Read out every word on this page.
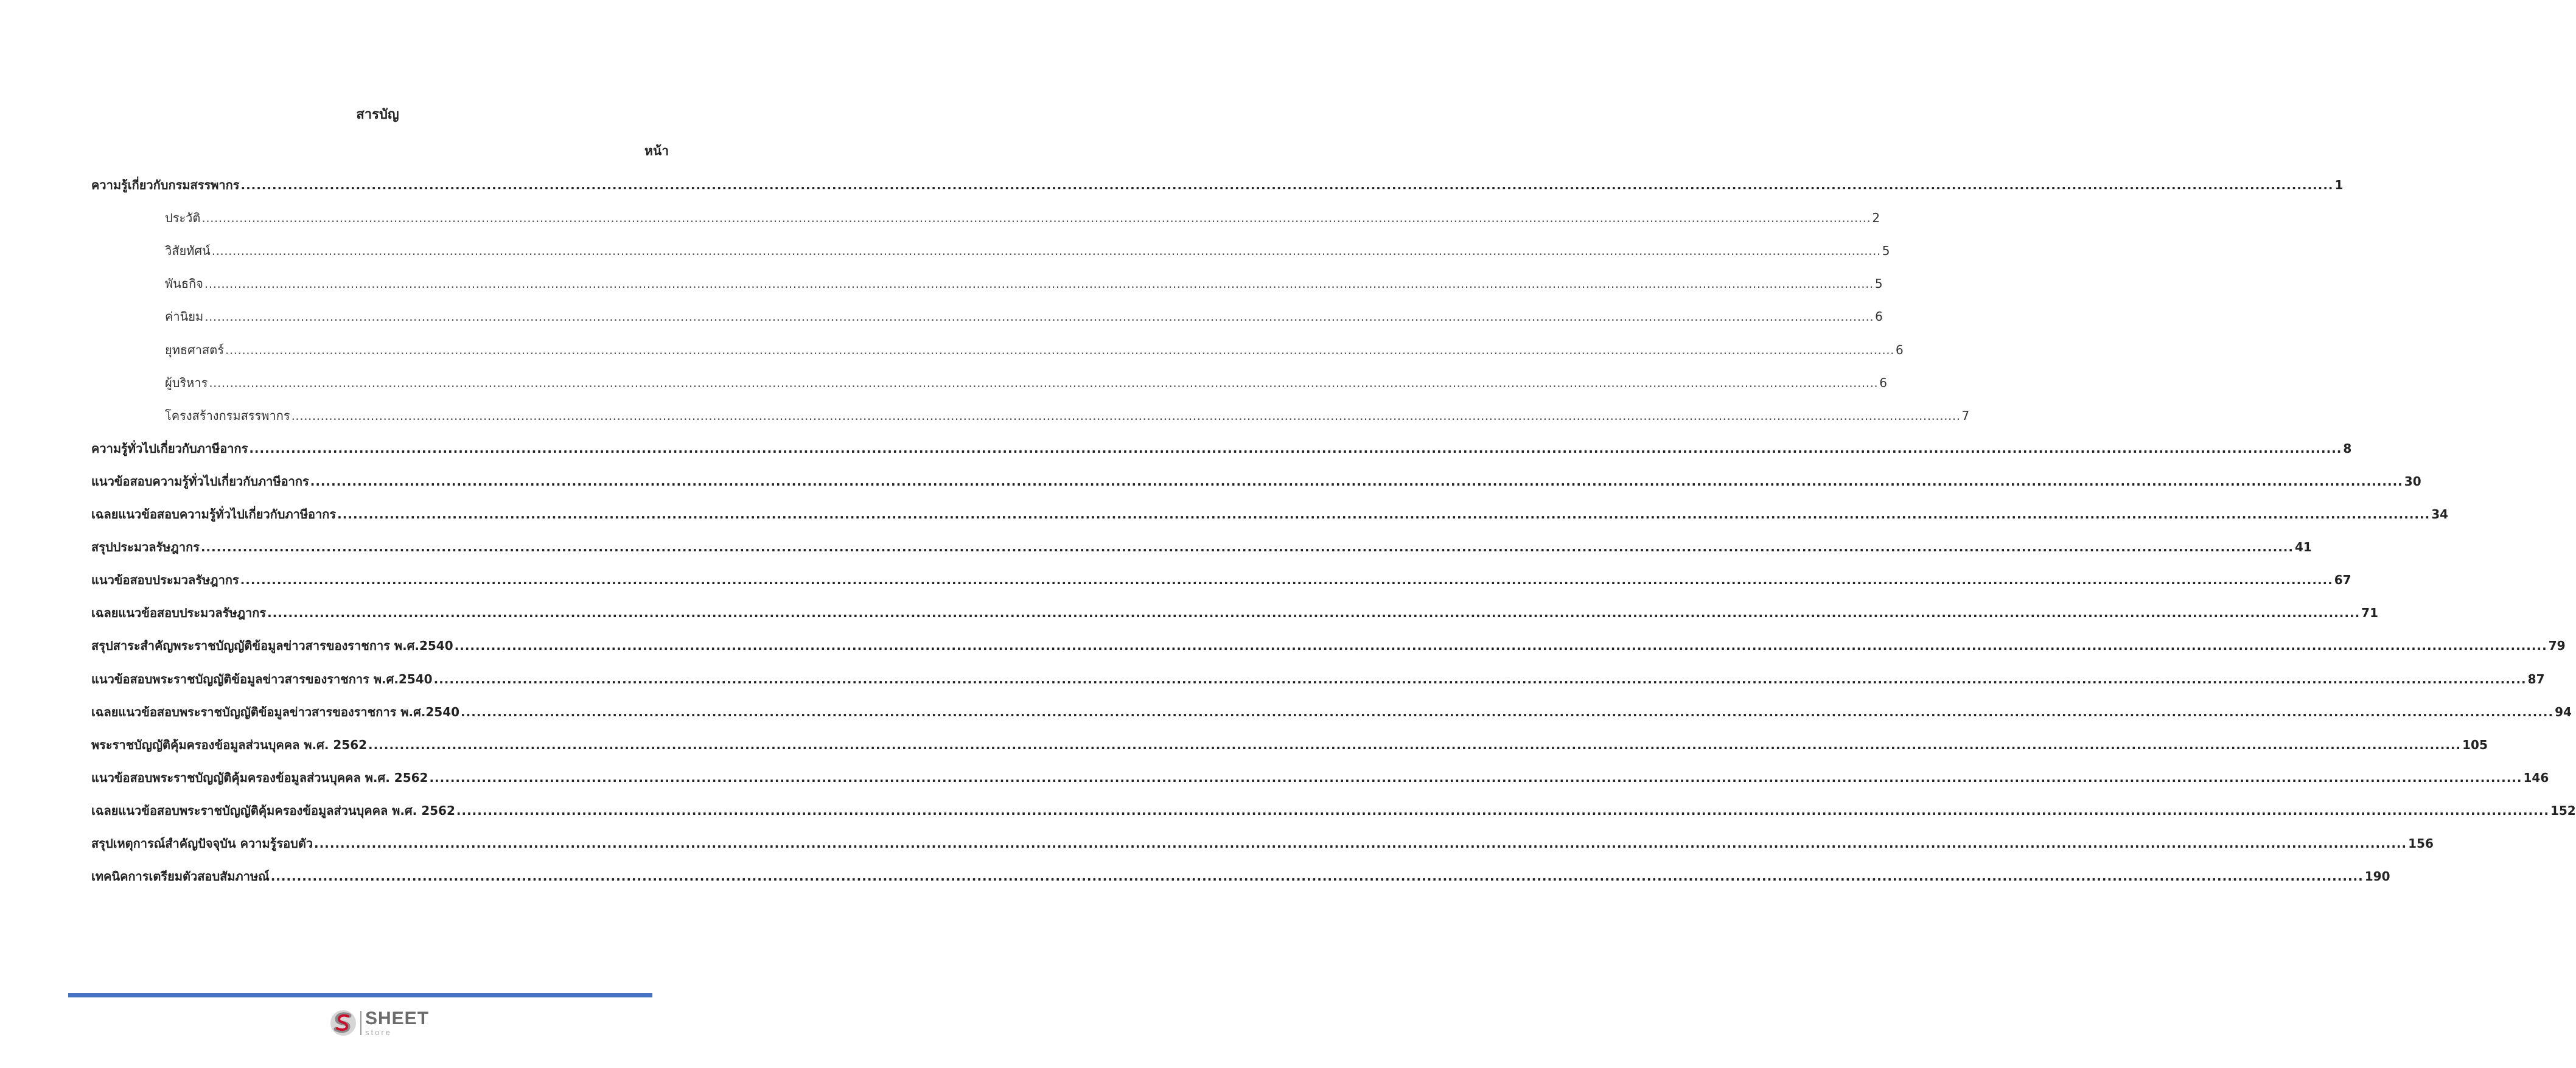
สารบัญ
หน้า
ความรู้เกี่ยวกับกรมสรรพากร ................................................................................................................................................................................................................................................................................................................................................................................................................ 1
ประวัติ ................................................................................................................................................................................................................................................................................................................................................................................................................ 2
วิสัยทัศน์ ................................................................................................................................................................................................................................................................................................................................................................................................................ 5
พันธกิจ ................................................................................................................................................................................................................................................................................................................................................................................................................ 5
ค่านิยม ................................................................................................................................................................................................................................................................................................................................................................................................................ 6
ยุทธศาสตร์ ................................................................................................................................................................................................................................................................................................................................................................................................................ 6
ผู้บริหาร ................................................................................................................................................................................................................................................................................................................................................................................................................ 6
โครงสร้างกรมสรรพากร ................................................................................................................................................................................................................................................................................................................................................................................................................ 7
ความรู้ทั่วไปเกี่ยวกับภาษีอากร ................................................................................................................................................................................................................................................................................................................................................................................................................ 8
แนวข้อสอบความรู้ทั่วไปเกี่ยวกับภาษีอากร ................................................................................................................................................................................................................................................................................................................................................................................................................ 30
เฉลยแนวข้อสอบความรู้ทั่วไปเกี่ยวกับภาษีอากร ................................................................................................................................................................................................................................................................................................................................................................................................................ 34
สรุปประมวลรัษฎากร ................................................................................................................................................................................................................................................................................................................................................................................................................ 41
แนวข้อสอบประมวลรัษฎากร ................................................................................................................................................................................................................................................................................................................................................................................................................ 67
เฉลยแนวข้อสอบประมวลรัษฎากร ................................................................................................................................................................................................................................................................................................................................................................................................................ 71
สรุปสาระสำคัญพระราชบัญญัติข้อมูลข่าวสารของราชการ พ.ศ.2540 ................................................................................................................................................................................................................................................................................................................................................................................................................ 79
แนวข้อสอบพระราชบัญญัติข้อมูลข่าวสารของราชการ พ.ศ.2540 ................................................................................................................................................................................................................................................................................................................................................................................................................ 87
เฉลยแนวข้อสอบพระราชบัญญัติข้อมูลข่าวสารของราชการ พ.ศ.2540 ................................................................................................................................................................................................................................................................................................................................................................................................................ 94
พระราชบัญญัติคุ้มครองข้อมูลส่วนบุคคล พ.ศ. 2562 ................................................................................................................................................................................................................................................................................................................................................................................................................ 105
แนวข้อสอบพระราชบัญญัติคุ้มครองข้อมูลส่วนบุคคล พ.ศ. 2562 ................................................................................................................................................................................................................................................................................................................................................................................................................ 146
เฉลยแนวข้อสอบพระราชบัญญัติคุ้มครองข้อมูลส่วนบุคคล พ.ศ. 2562 ................................................................................................................................................................................................................................................................................................................................................................................................................ 152
สรุปเหตุการณ์สำคัญปัจจุบัน ความรู้รอบตัว ................................................................................................................................................................................................................................................................................................................................................................................................................ 156
เทคนิคการเตรียมตัวสอบสัมภาษณ์ ................................................................................................................................................................................................................................................................................................................................................................................................................ 190
SHEET
store
